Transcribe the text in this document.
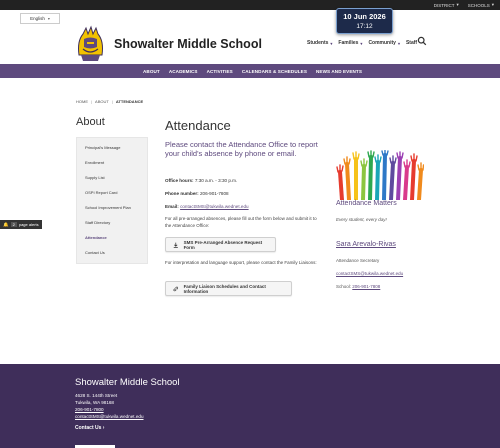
DISTRICT ▾ SCHOOLS ▾
English ▾	10 Jun 2026
17:12
Showalter Middle School	Students ▾ Families ▾ Community ▾ Staff
ABOUT ACADEMICS ACTIVITIES CALENDARS & SCHEDULES NEWS AND EVENTS
HOME | ABOUT | ATTENDANCE
About
Principal's Message
Enrollment
Supply List
OSPI Report Card
School Improvement Plan
Staff Directory
Attendance
Contact Us
Attendance
Please contact the Attendance Office to report your child's absence by phone or email.
Office hours: 7:30 a.m. - 3:30 p.m.
Phone number: 206-901-7808
Email: contactSMS@tukwila.wednet.edu
For all pre-arranged absences, please fill out the form below and submit it to the Attendance Office:
SMS Pre-Arranged Absence Request Form
For interpretation and language support, please contact the Family Liaisons:
Family Liaison Schedules and Contact Information
Attendance Matters
Every student, every day!
Sara Arevalo-Rivas
Attendance Secretary
contactSMS@tukwila.wednet.edu
School: 206-901-7808
🔔	2	page alerts
Showalter Middle School
4628 S. 144th Street
Tukwila, WA 98168
206-901-7800
contactSMS@tukwila.wednet.edu
Contact Us ›
